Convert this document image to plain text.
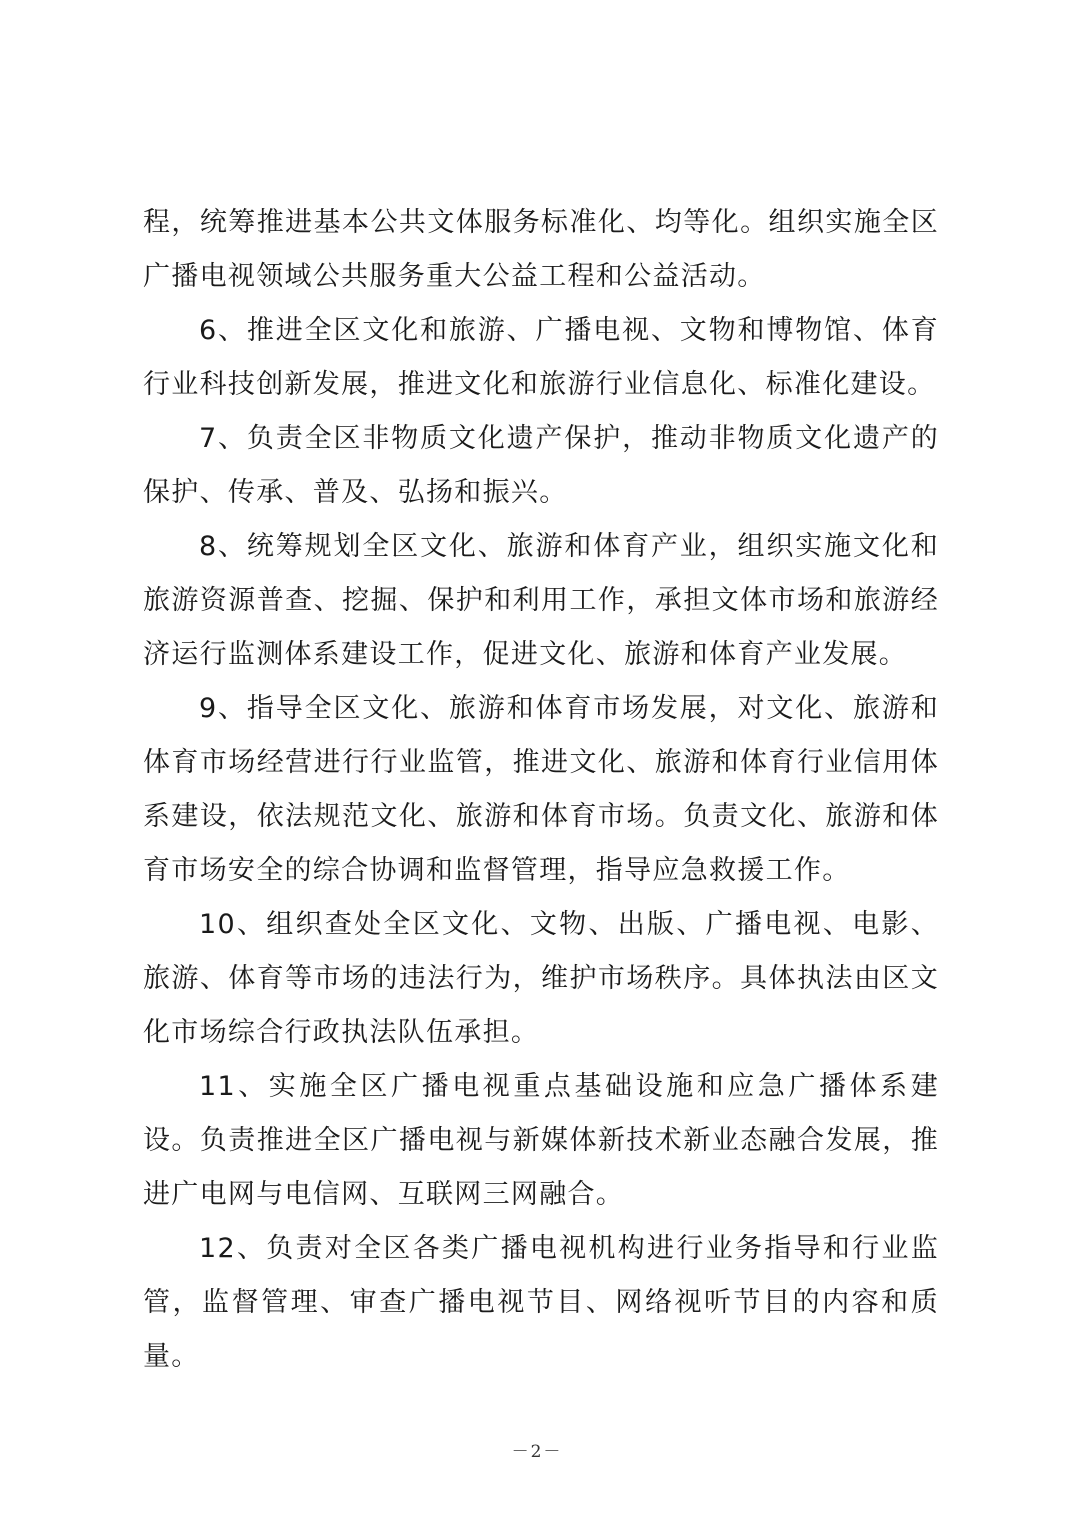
程，统筹推进基本公共文体服务标准化、均等化。组织实施全区广播电视领域公共服务重大公益工程和公益活动。

6、推进全区文化和旅游、广播电视、文物和博物馆、体育行业科技创新发展，推进文化和旅游行业信息化、标准化建设。

7、负责全区非物质文化遗产保护，推动非物质文化遗产的保护、传承、普及、弘扬和振兴。

8、统筹规划全区文化、旅游和体育产业，组织实施文化和旅游资源普查、挖掘、保护和利用工作，承担文体市场和旅游经济运行监测体系建设工作，促进文化、旅游和体育产业发展。

9、指导全区文化、旅游和体育市场发展，对文化、旅游和体育市场经营进行行业监管，推进文化、旅游和体育行业信用体系建设，依法规范文化、旅游和体育市场。负责文化、旅游和体育市场安全的综合协调和监督管理，指导应急救援工作。

10、组织查处全区文化、文物、出版、广播电视、电影、旅游、体育等市场的违法行为，维护市场秩序。具体执法由区文化市场综合行政执法队伍承担。

11、实施全区广播电视重点基础设施和应急广播体系建设。负责推进全区广播电视与新媒体新技术新业态融合发展，推进广电网与电信网、互联网三网融合。

12、负责对全区各类广播电视机构进行业务指导和行业监管，监督管理、审查广播电视节目、网络视听节目的内容和质量。

－2－
